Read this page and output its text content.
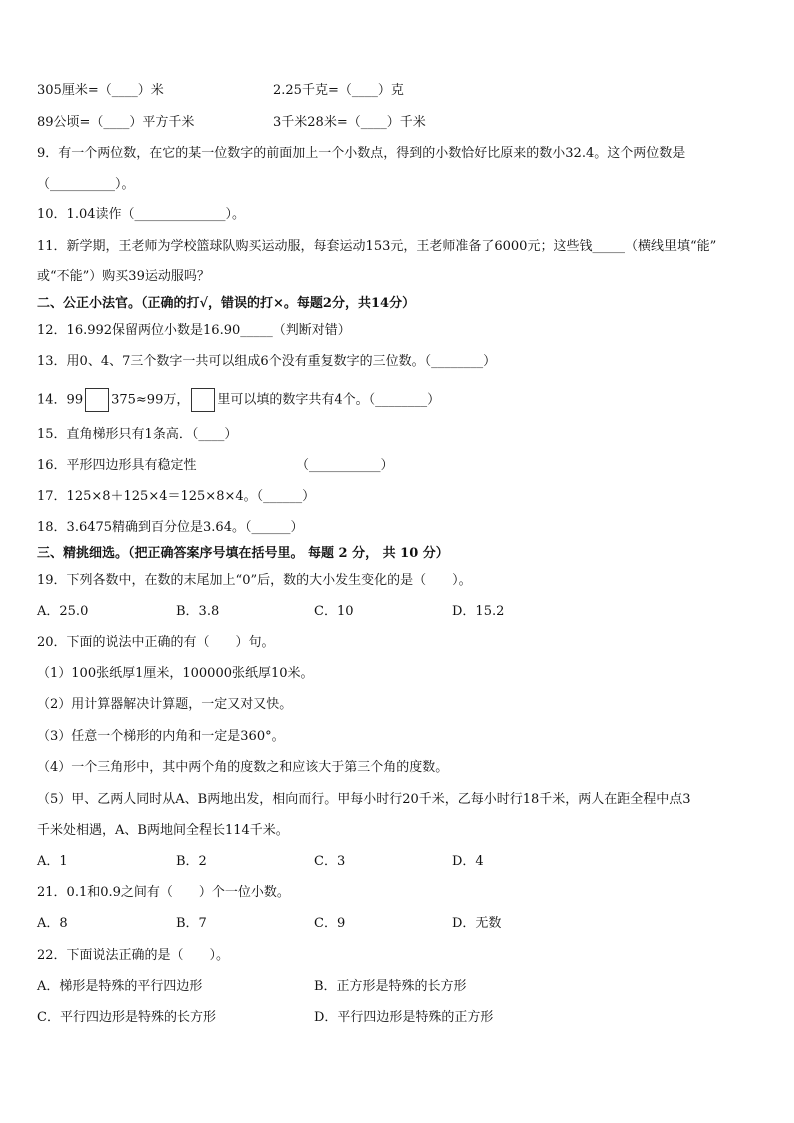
305厘米=（____）米	2.25千克=（____）克
89公顷=（____）平方千米	3千米28米=（____）千米
9．有一个两位数，在它的某一位数字的前面加上一个小数点，得到的小数恰好比原来的数小32.4。这个两位数是
（__________）。
10．1.04读作（______________）。
11．新学期，王老师为学校篮球队购买运动服，每套运动153元，王老师准备了6000元；这些钱_____（横线里填“能”
或“不能”）购买39运动服吗？
二、公正小法官。（正确的打√，错误的打×。每题2分，共14分）
12．16.992保留两位小数是16.90_____（判断对错）
13．用0、4、7三个数字一共可以组成6个没有重复数字的三位数。（________）
14．99 375≈99万， 里可以填的数字共有4个。（________）
15．直角梯形只有1条高．（____）
16．平形四边形具有稳定性	（___________）
17．125×8＋125×4＝125×8×4。（______）
18．3.6475精确到百分位是3.64。（______）
三、精挑细选。（把正确答案序号填在括号里。 每题 2 分， 共 10 分）
19．下列各数中，在数的末尾加上“0”后，数的大小发生变化的是（　　）。
A．25.0	B．3.8	C．10	D．15.2
20．下面的说法中正确的有（　　）句。
（1）100张纸厚1厘米，100000张纸厚10米。
（2）用计算器解决计算题，一定又对又快。
（3）任意一个梯形的内角和一定是360°。
（4）一个三角形中，其中两个角的度数之和应该大于第三个角的度数。
（5）甲、乙两人同时从A、B两地出发，相向而行。甲每小时行20千米，乙每小时行18千米，两人在距全程中点3
千米处相遇，A、B两地间全程长114千米。
A．1	B．2	C．3	D．4
21．0.1和0.9之间有（　　）个一位小数。
A．8	B．7	C．9	D．无数
22．下面说法正确的是（　　）。
A．梯形是特殊的平行四边形	B．正方形是特殊的长方形
C．平行四边形是特殊的长方形	D．平行四边形是特殊的正方形
